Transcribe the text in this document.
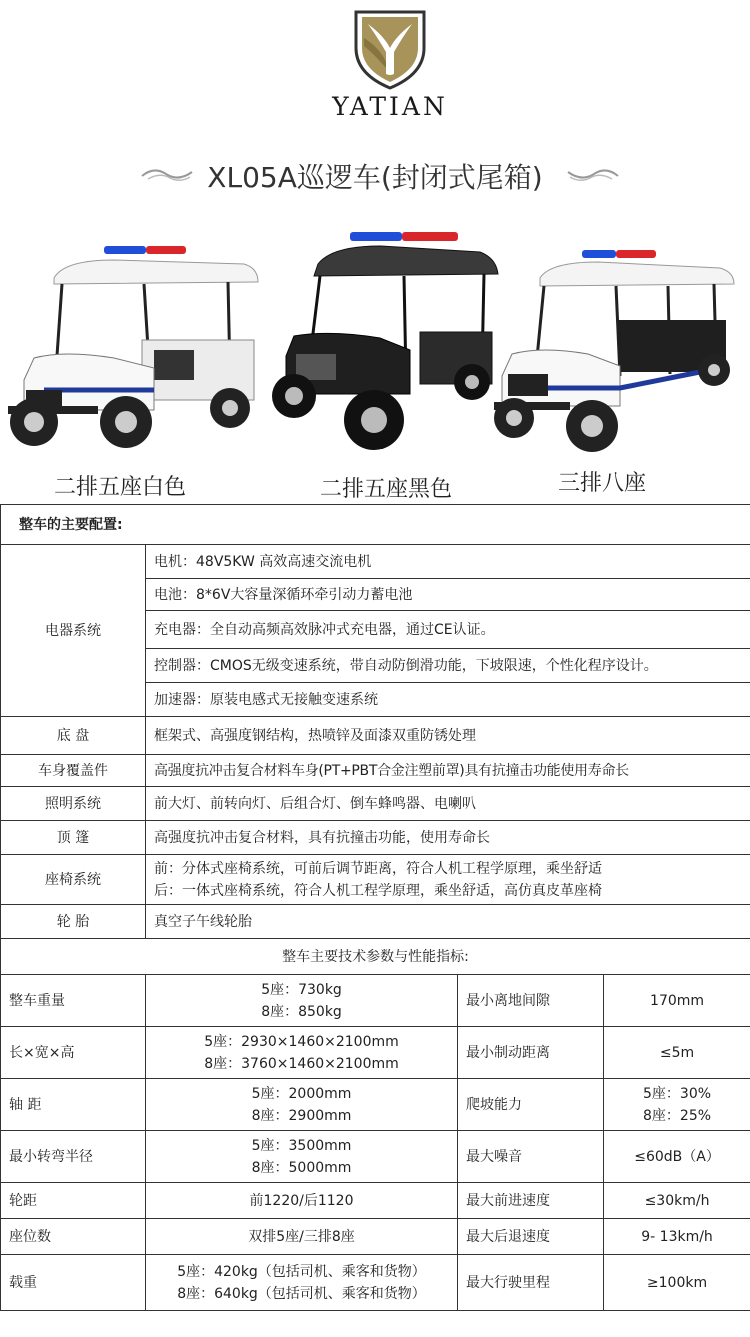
YATIAN
XL05A巡逻车(封闭式尾箱)
二排五座白色	二排五座黑色	三排八座
整车的主要配置:			
电器系统	电机：48V5KW 高效高速交流电机		
	电池：8*6V大容量深循环牵引动力蓄电池		
	充电器：全自动高频高效脉冲式充电器，通过CE认证。		
	控制器：CMOS无级变速系统，带自动防倒滑功能，下坡限速，个性化程序设计。		
	加速器：原装电感式无接触变速系统		
底 盘	框架式、高强度钢结构，热喷锌及面漆双重防锈处理		
车身覆盖件	高强度抗冲击复合材料车身(PT+PBT合金注塑前罩)具有抗撞击功能使用寿命长		
照明系统	前大灯、前转向灯、后组合灯、倒车蜂鸣器、电喇叭		
顶 篷	高强度抗冲击复合材料，具有抗撞击功能，使用寿命长		
座椅系统	前：分体式座椅系统，可前后调节距离，符合人机工程学原理，乘坐舒适
后：一体式座椅系统，符合人机工程学原理，乘坐舒适，高仿真皮革座椅		

轮 胎	真空子午线轮胎		
整车主要技术参数与性能指标:			
整车重量	5座：730kg
8座：850kg	最小离地间隙	170mm

长×宽×高	5座：2930×1460×2100mm
8座：3760×1460×2100mm	最小制动距离	≤5m

轴 距	5座：2000mm
8座：2900mm	爬坡能力	5座：30%
8座：25%

最小转弯半径	5座：3500mm
8座：5000mm	最大噪音	≤60dB（A）

轮距	前1220/后1120	最大前进速度	≤30km/h
座位数	双排5座/三排8座	最大后退速度	9- 13km/h
载重	5座：420kg（包括司机、乘客和货物）
8座：640kg（包括司机、乘客和货物）	最大行驶里程	≥100km
